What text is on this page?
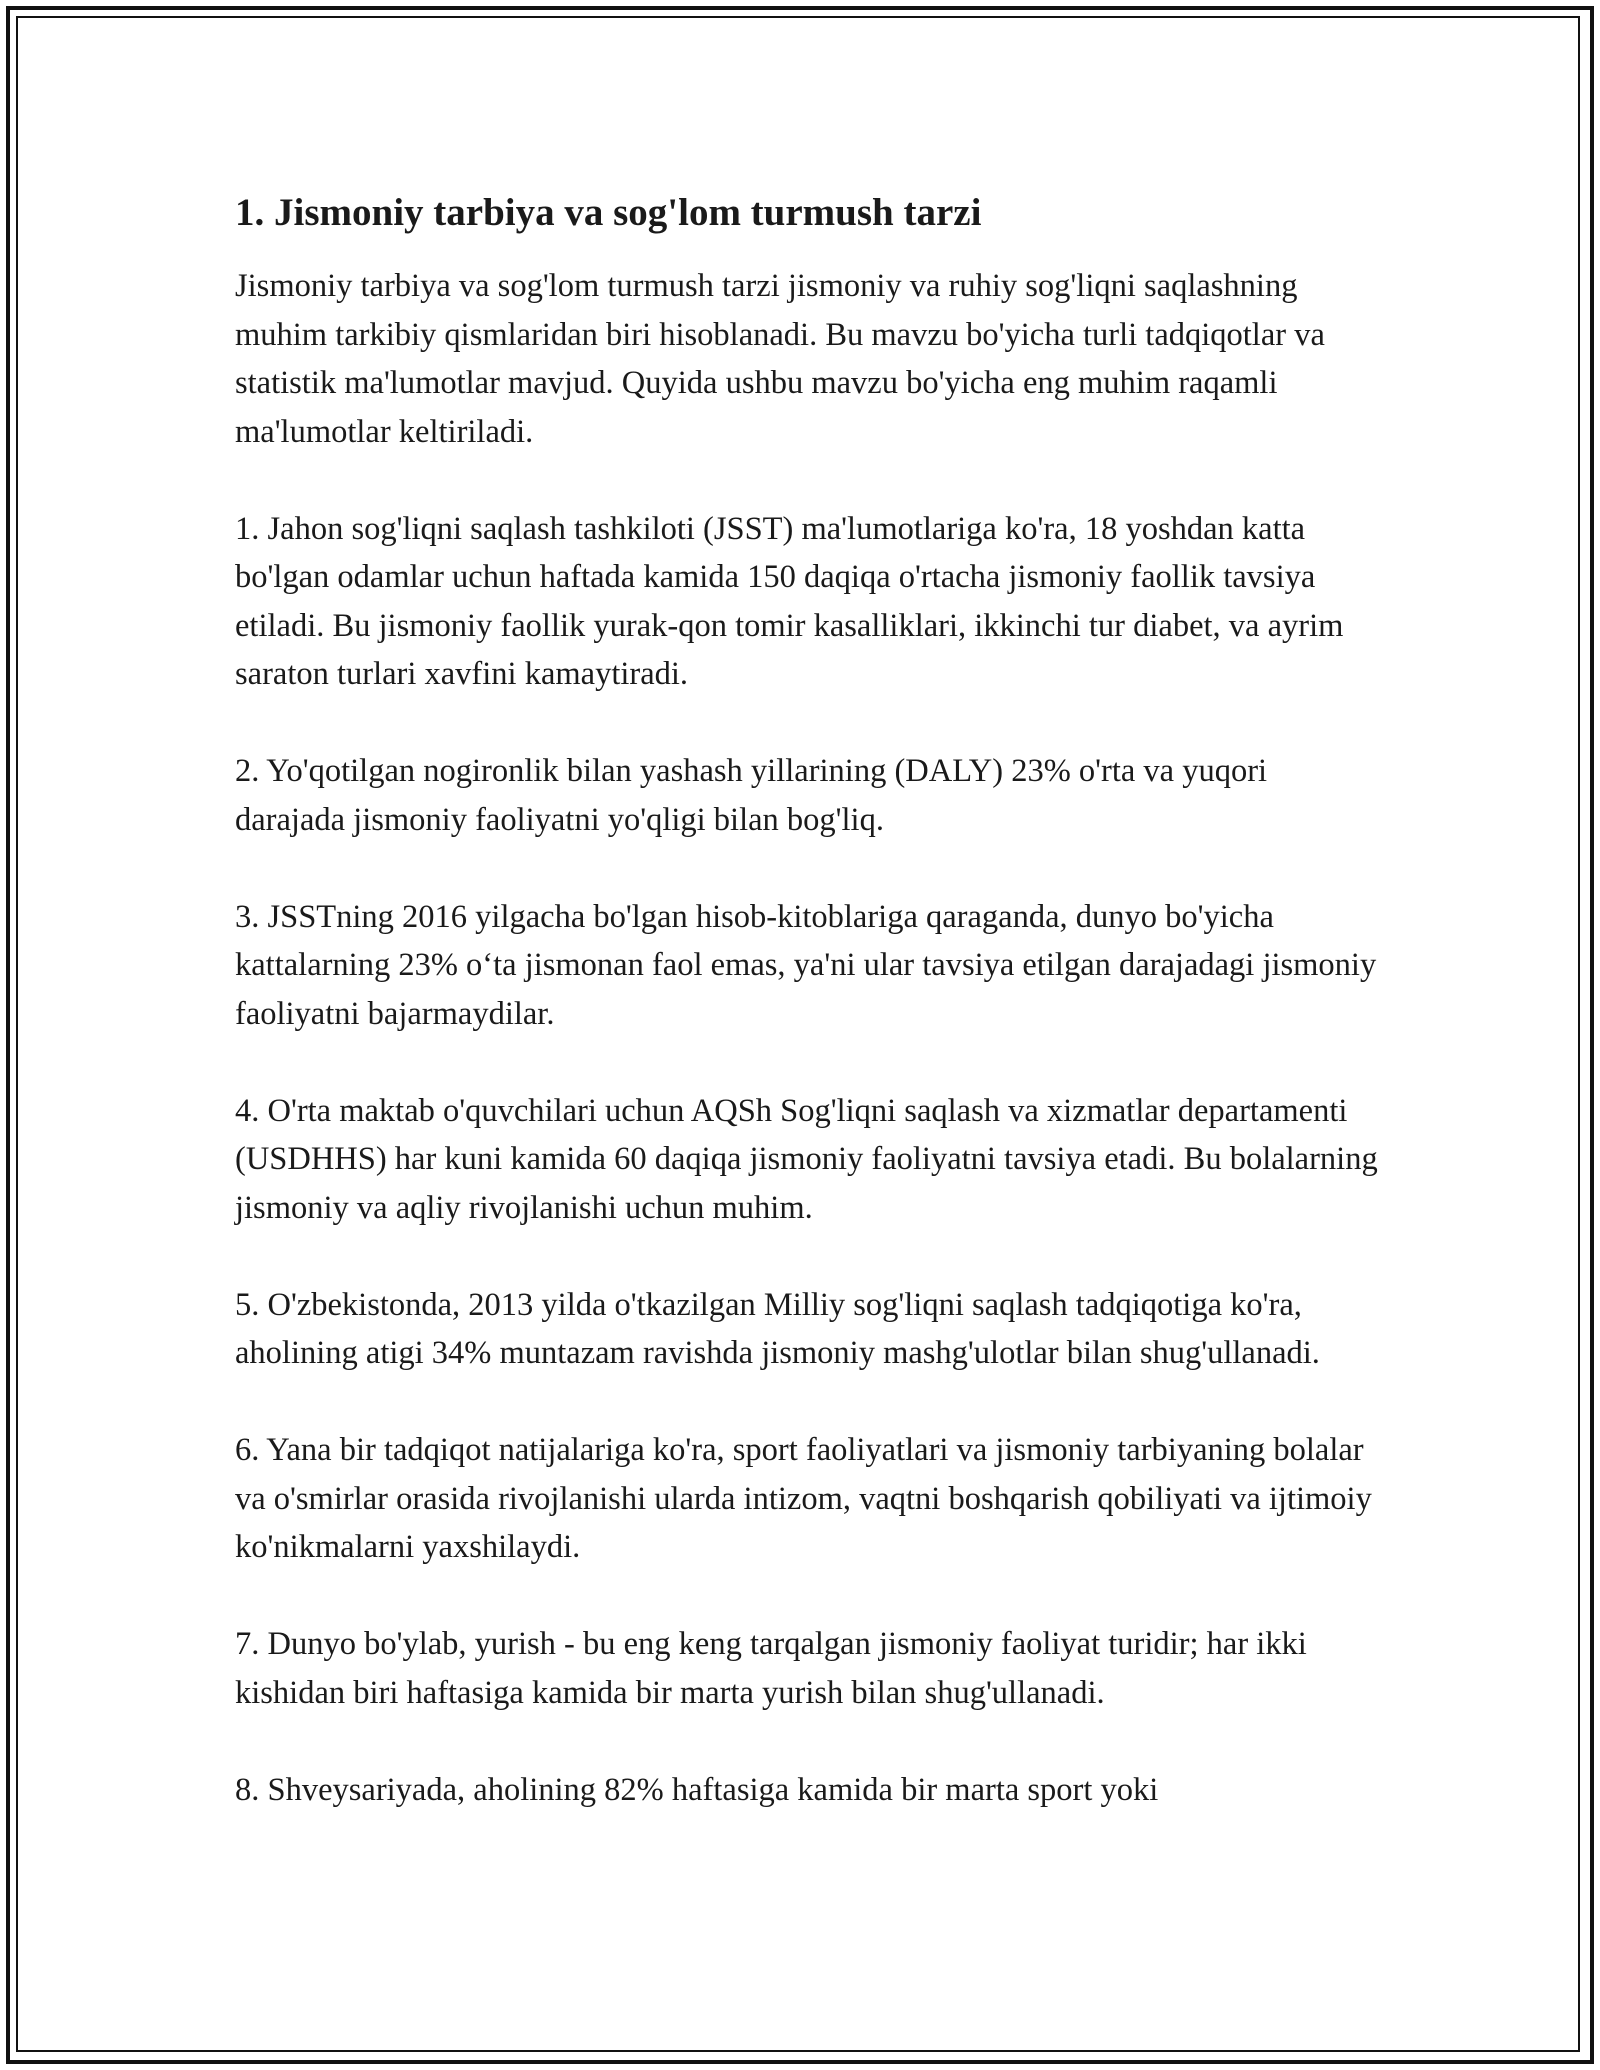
1. Jismoniy tarbiya va sog'lom turmush tarzi

Jismoniy tarbiya va sog'lom turmush tarzi jismoniy va ruhiy sog'liqni saqlashning muhim tarkibiy qismlaridan biri hisoblanadi. Bu mavzu bo'yicha turli tadqiqotlar va statistik ma'lumotlar mavjud. Quyida ushbu mavzu bo'yicha eng muhim raqamli ma'lumotlar keltiriladi.

1. Jahon sog'liqni saqlash tashkiloti (JSST) ma'lumotlariga ko'ra, 18 yoshdan katta bo'lgan odamlar uchun haftada kamida 150 daqiqa o'rtacha jismoniy faollik tavsiya etiladi. Bu jismoniy faollik yurak-qon tomir kasalliklari, ikkinchi tur diabet, va ayrim saraton turlari xavfini kamaytiradi.

2. Yo'qotilgan nogironlik bilan yashash yillarining (DALY) 23% o'rta va yuqori darajada jismoniy faoliyatni yo'qligi bilan bog'liq.

3. JSSTning 2016 yilgacha bo'lgan hisob-kitoblariga qaraganda, dunyo bo'yicha kattalarning 23% o‘ta jismonan faol emas, ya'ni ular tavsiya etilgan darajadagi jismoniy faoliyatni bajarmaydilar.

4. O'rta maktab o'quvchilari uchun AQSh Sog'liqni saqlash va xizmatlar departamenti (USDHHS) har kuni kamida 60 daqiqa jismoniy faoliyatni tavsiya etadi. Bu bolalarning jismoniy va aqliy rivojlanishi uchun muhim.

5. O'zbekistonda, 2013 yilda o'tkazilgan Milliy sog'liqni saqlash tadqiqotiga ko'ra, aholining atigi 34% muntazam ravishda jismoniy mashg'ulotlar bilan shug'ullanadi.

6. Yana bir tadqiqot natijalariga ko'ra, sport faoliyatlari va jismoniy tarbiyaning bolalar va o'smirlar orasida rivojlanishi ularda intizom, vaqtni boshqarish qobiliyati va ijtimoiy ko'nikmalarni yaxshilaydi.

7. Dunyo bo'ylab, yurish - bu eng keng tarqalgan jismoniy faoliyat turidir; har ikki kishidan biri haftasiga kamida bir marta yurish bilan shug'ullanadi.

8. Shveysariyada, aholining 82% haftasiga kamida bir marta sport yoki
